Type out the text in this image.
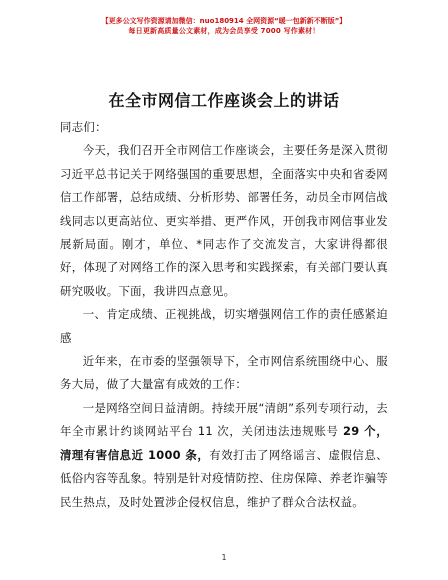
【更多公文写作资源请加微信：nuo180914 全网资源“暖一包新新不断版”】
每日更新高质量公文素材，成为会员享受 7000 写作素材！
在全市网信工作座谈会上的讲话

同志们：

今天，我们召开全市网信工作座谈会，主要任务是深入贯彻习近平总书记关于网络强国的重要思想，全面落实中央和省委网信工作部署，总结成绩、分析形势、部署任务，动员全市网信战线同志以更高站位、更实举措、更严作风，开创我市网信事业发展新局面。刚才，单位、*同志作了交流发言，大家讲得都很好，体现了对网络工作的深入思考和实践探索，有关部门要认真研究吸收。下面，我讲四点意见。

一、肯定成绩、正视挑战，切实增强网信工作的责任感紧迫感

近年来，在市委的坚强领导下，全市网信系统围绕中心、服务大局，做了大量富有成效的工作：

一是网络空间日益清朗。持续开展“清朗”系列专项行动，去年全市累计约谈网站平台 11 次，关闭违法违规账号 29 个，清理有害信息近 1000 条，有效打击了网络谣言、虚假信息、低俗内容等乱象。特别是针对疫情防控、住房保障、养老诈骗等民生热点，及时处置涉企侵权信息，维护了群众合法权益。

1
